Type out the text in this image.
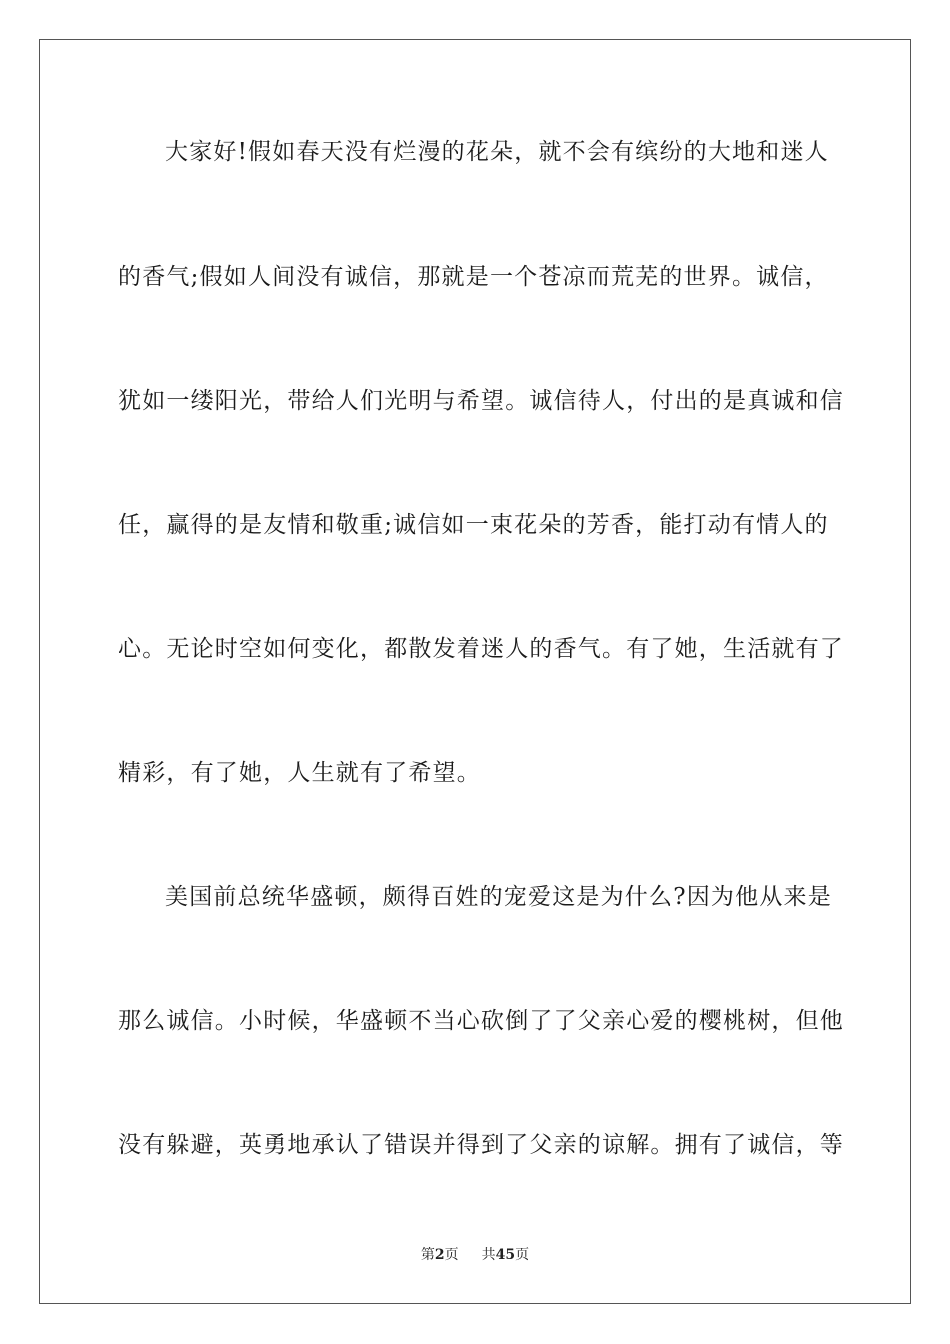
大家好!假如春天没有烂漫的花朵，就不会有缤纷的大地和迷人
的香气;假如人间没有诚信，那就是一个苍凉而荒芜的世界。诚信，
犹如一缕阳光，带给人们光明与希望。诚信待人，付出的是真诚和信
任，赢得的是友情和敬重;诚信如一束花朵的芳香，能打动有情人的
心。无论时空如何变化，都散发着迷人的香气。有了她，生活就有了
精彩，有了她，人生就有了希望。
美国前总统华盛顿，颇得百姓的宠爱这是为什么?因为他从来是
那么诚信。小时候，华盛顿不当心砍倒了了父亲心爱的樱桃树，但他
没有躲避，英勇地承认了错误并得到了父亲的谅解。拥有了诚信，等
第2页 共45页
